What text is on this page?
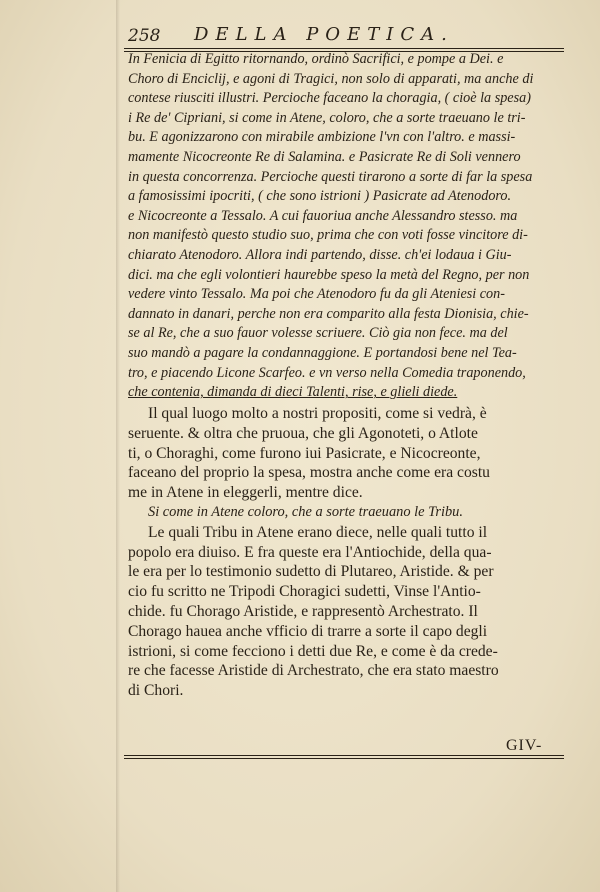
258 DELLA POETICA.
In Fenicia di Egitto ritornando, ordinò Sacrifici, e pompe a Dei. e
Choro di Enciclij, e agoni di Tragici, non solo di apparati, ma anche di
contese riusciti illustri. Percioche faceano la choragia, ( cioè la spesa)
i Re de' Cipriani, si come in Atene, coloro, che a sorte traeuano le tri-
bu. E agonizzarono con mirabile ambizione l'vn con l'altro. e massi-
mamente Nicocreonte Re di Salamina. e Pasicrate Re di Soli vennero
in questa concorrenza. Percioche questi tirarono a sorte di far la spesa
a famosissimi ipocriti, ( che sono istrioni ) Pasicrate ad Atenodoro.
e Nicocreonte a Tessalo. A cui fauoriua anche Alessandro stesso. ma
non manifestò questo studio suo, prima che con voti fosse vincitore di-
chiarato Atenodoro. Allora indi partendo, disse. ch'ei lodaua i Giu-
dici. ma che egli volontieri haurebbe speso la metà del Regno, per non
vedere vinto Tessalo. Ma poi che Atenodoro fu da gli Ateniesi con-
dannato in danari, perche non era comparito alla festa Dionisia, chie-
se al Re, che a suo fauor volesse scriuere. Ciò gia non fece. ma del
suo mandò a pagare la condannaggione. E portandosi bene nel Tea-
tro, e piacendo Licone Scarfeo. e vn verso nella Comedia traponendo,
che contenia, dimanda di dieci Talenti, rise, e glieli diede.
Il qual luogo molto a nostri propositi, come si vedrà, è
seruente. & oltra che pruoua, che gli Agonoteti, o Atlote
ti, o Choraghi, come furono iui Pasicrate, e Nicocreonte,
faceano del proprio la spesa, mostra anche come era costu
me in Atene in eleggerli, mentre dice.
Si come in Atene coloro, che a sorte traeuano le Tribu.
Le quali Tribu in Atene erano diece, nelle quali tutto il
popolo era diuiso. E fra queste era l'Antiochide, della qua-
le era per lo testimonio sudetto di Plutareo, Aristide. & per
cio fu scritto ne Tripodi Choragici sudetti, Vinse l'Antio-
chide. fu Chorago Aristide, e rappresentò Archestrato. Il
Chorago hauea anche vfficio di trarre a sorte il capo degli
istrioni, si come fecciono i detti due Re, e come è da crede-
re che facesse Aristide di Archestrato, che era stato maestro
di Chori.
GIV-
